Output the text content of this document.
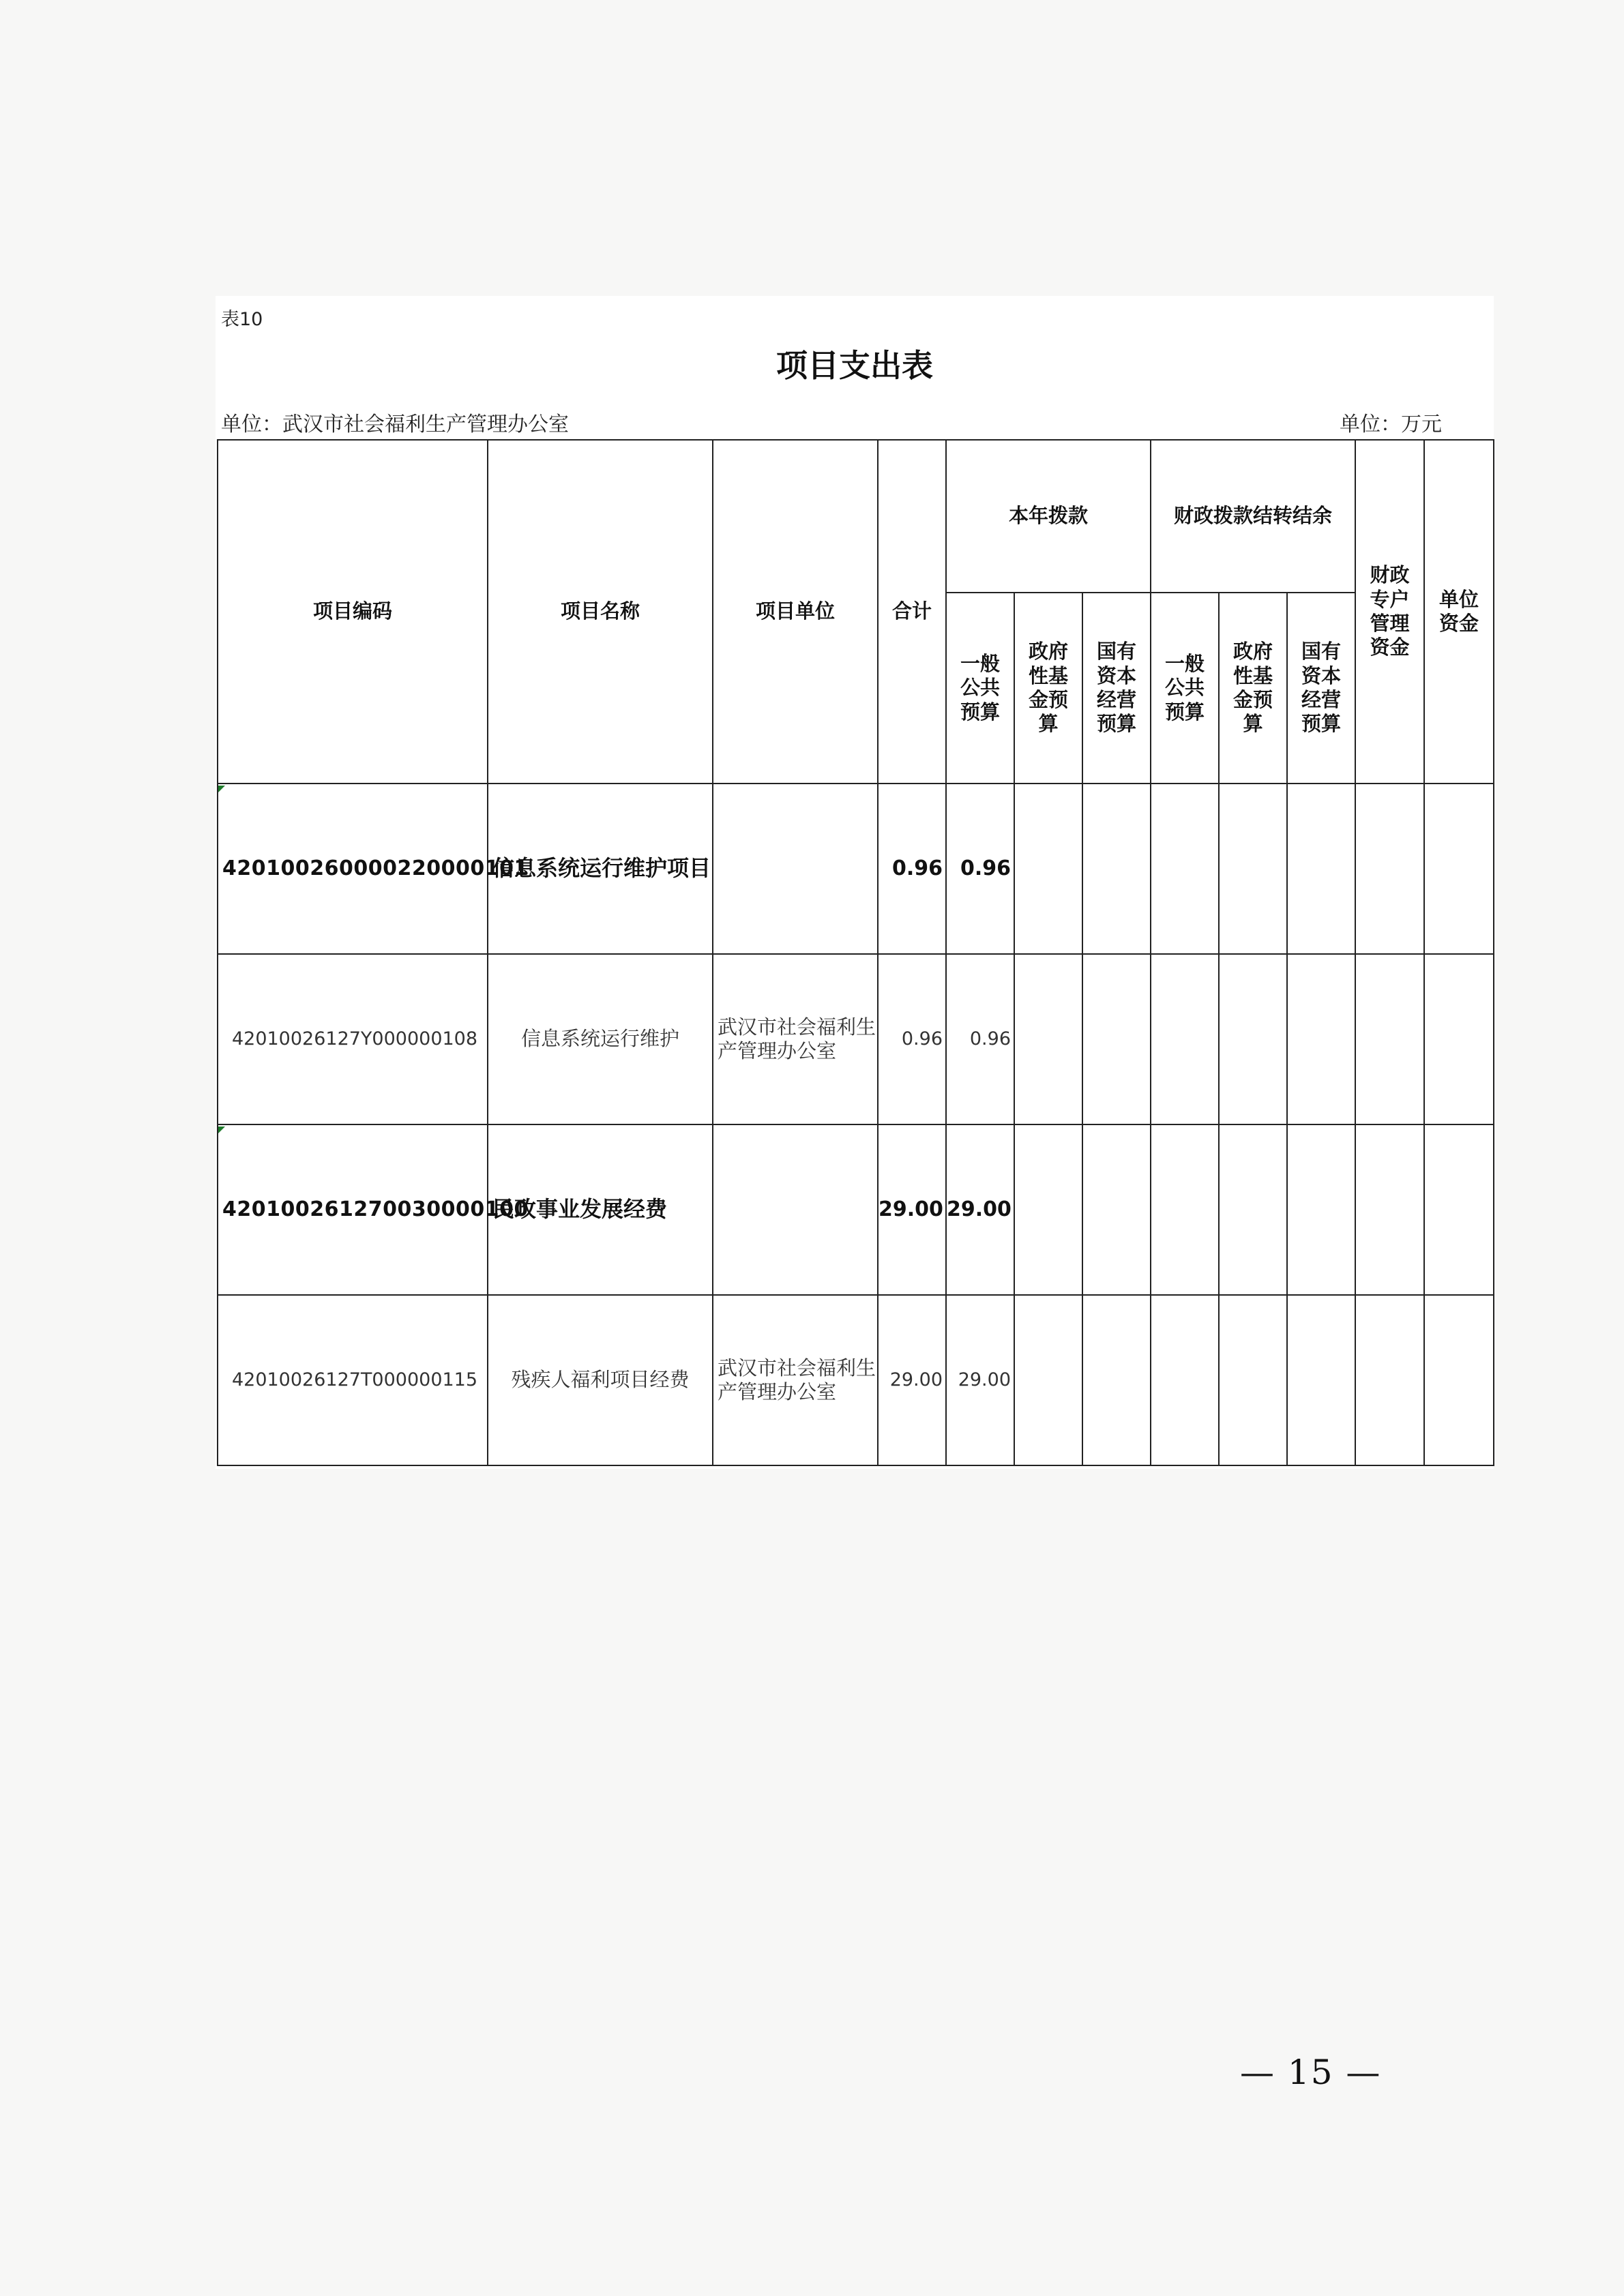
表10
项目支出表
单位：武汉市社会福利生产管理办公室	单位：万元
项目编码	项目名称	项目单位	合计	本年拨款			财政拨款结转结余			财政
专户
管理
资金	单位
资金

				一般
公共
预算	政府
性基
金预
算	国有
资本
经营
预算	一般
公共
预算	政府
性基
金预
算	国有
资本
经营
预算		

420100260000220000101	信息系统运行维护项目		0.96	0.96							
42010026127Y000000108	信息系统运行维护	武汉市社会福利生产管理办公室	0.96	0.96							
420100261270030000100	民政事业发展经费		29.00	29.00							
42010026127T000000115	残疾人福利项目经费	武汉市社会福利生产管理办公室	29.00	29.00							
— 15 —
